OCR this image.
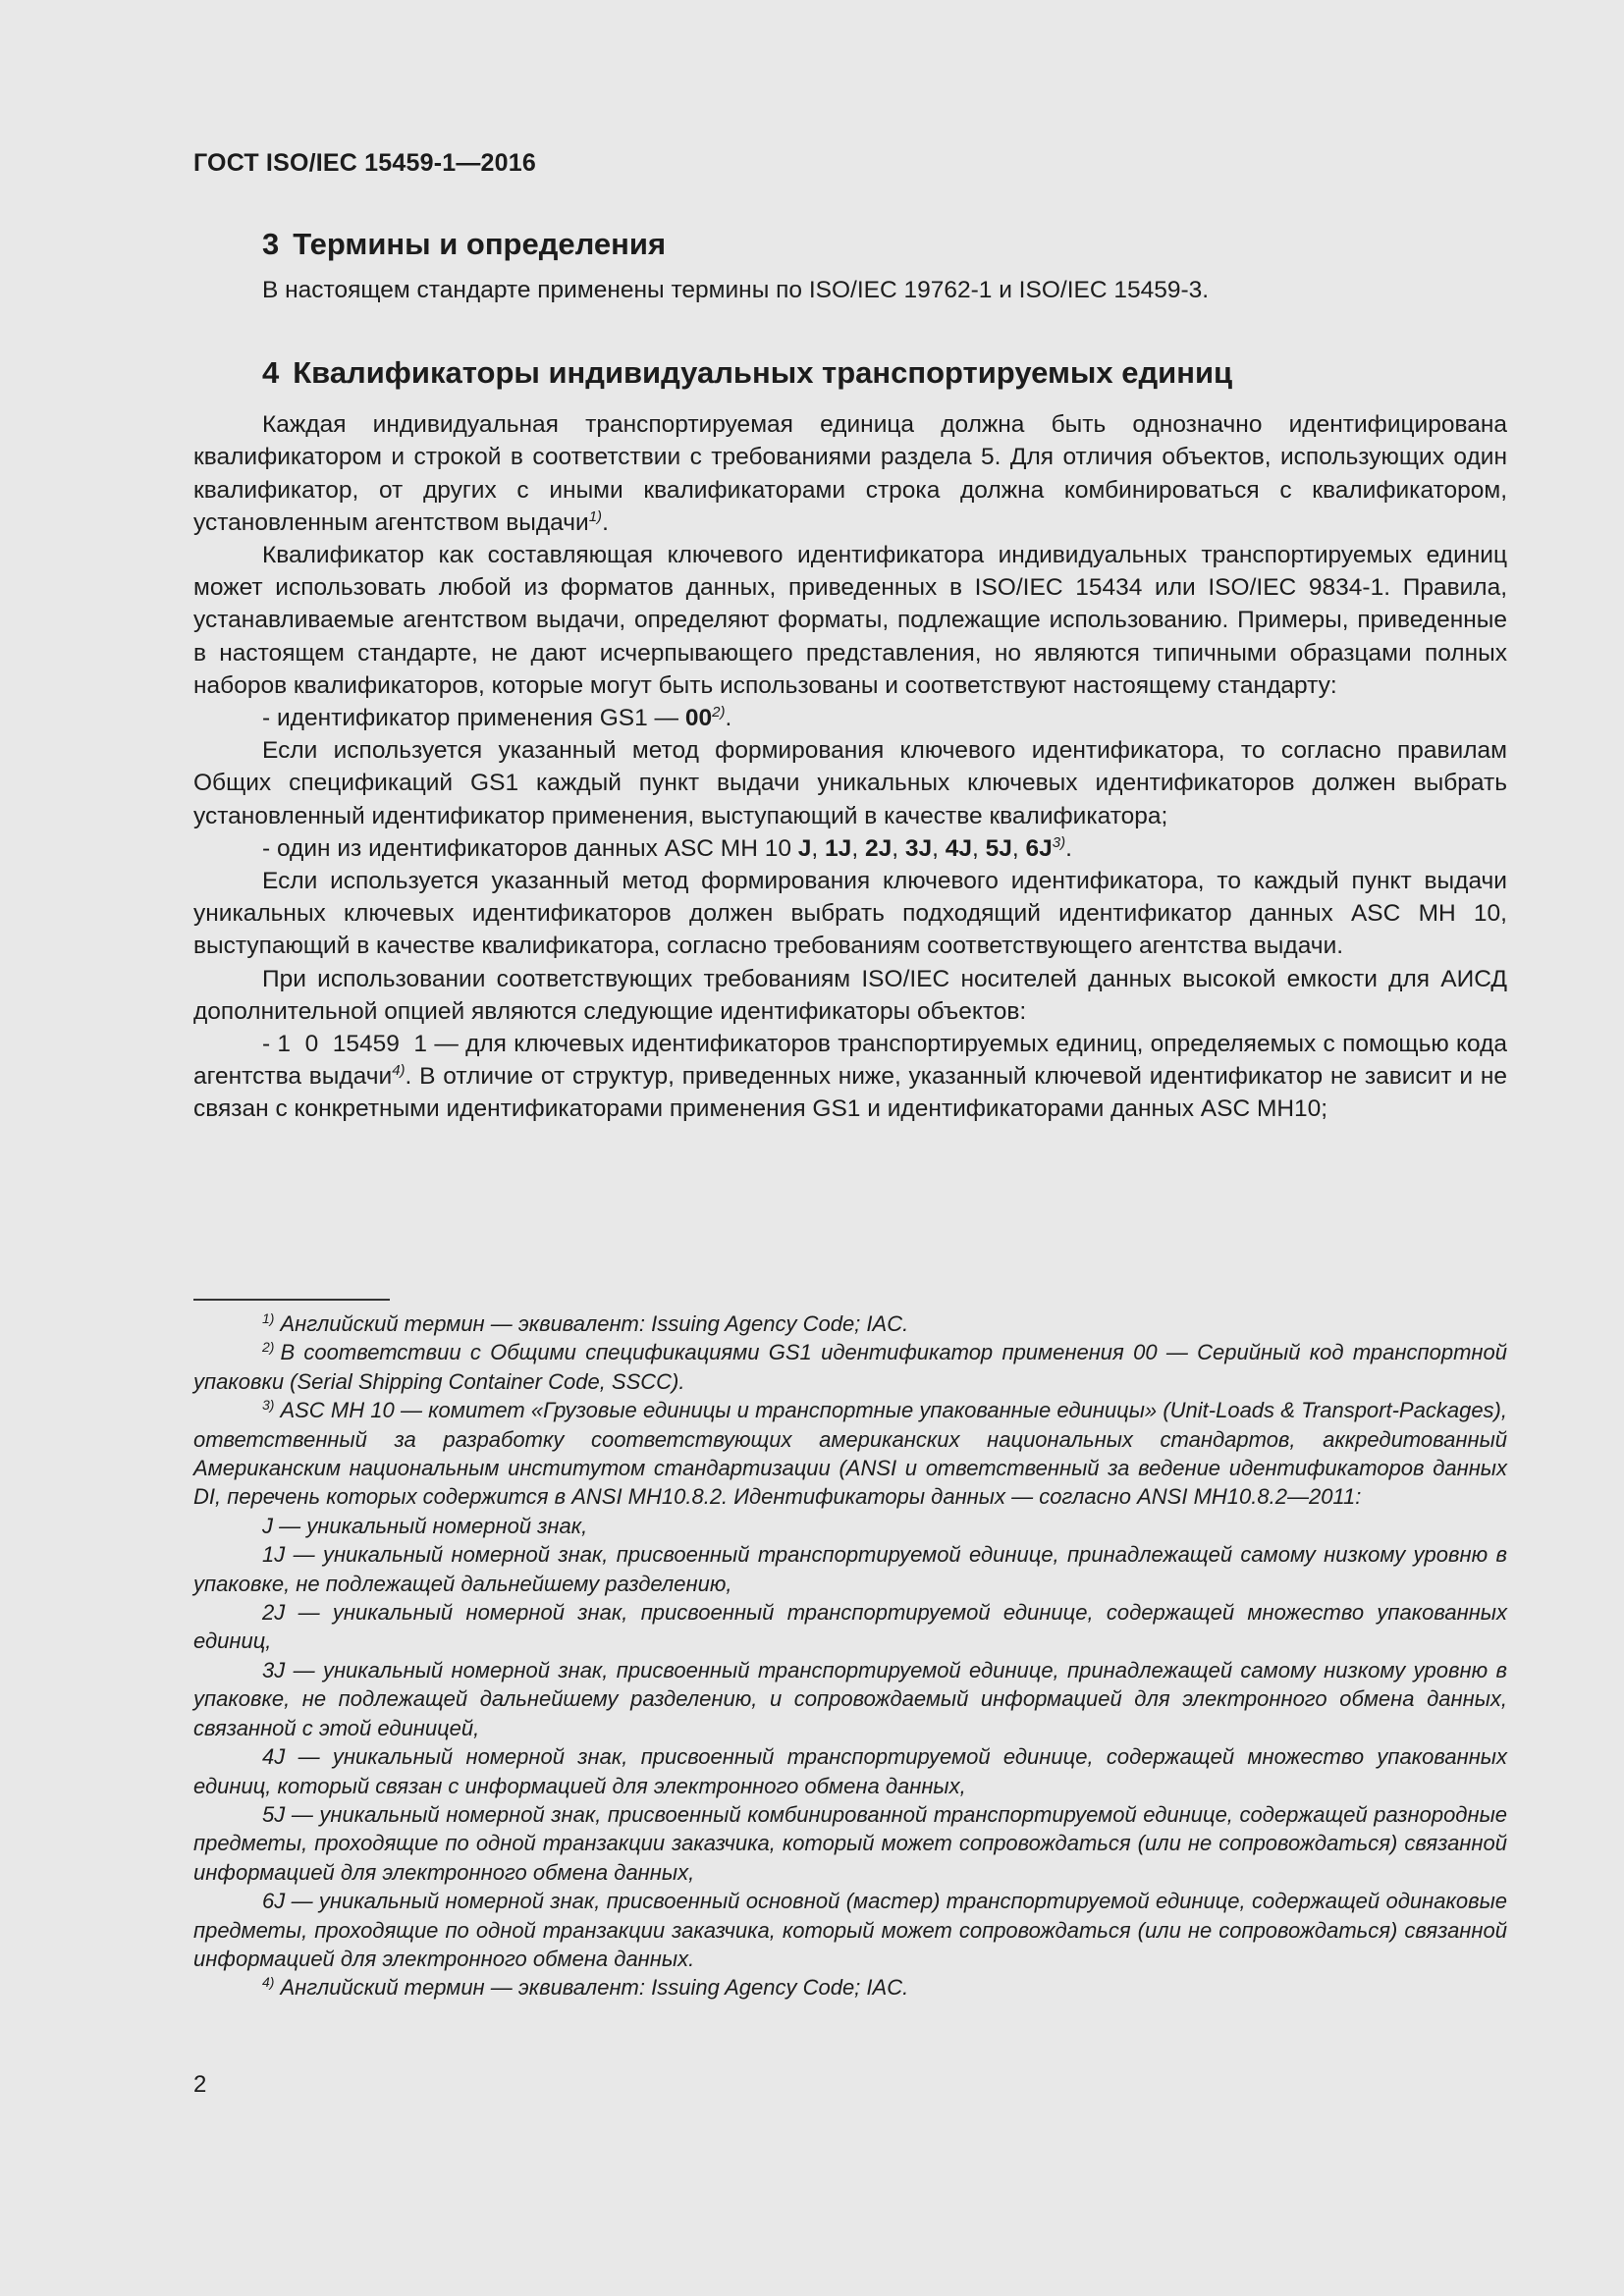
ГОСТ ISO/IEC 15459-1—2016
3 Термины и определения

В настоящем стандарте применены термины по ISO/IEC 19762-1 и ISO/IEC 15459-3.

4 Квалификаторы индивидуальных транспортируемых единиц

Каждая индивидуальная транспортируемая единица должна быть однозначно идентифицирована квалификатором и строкой в соответствии с требованиями раздела 5. Для отличия объектов, использующих один квалификатор, от других с иными квалификаторами строка должна комбинироваться с квалификатором, установленным агентством выдачи$^{1)}$.

Квалификатор как составляющая ключевого идентификатора индивидуальных транспортируемых единиц может использовать любой из форматов данных, приведенных в ISO/IEC 15434 или ISO/IEC 9834-1. Правила, устанавливаемые агентством выдачи, определяют форматы, подлежащие использованию. Примеры, приведенные в настоящем стандарте, не дают исчерпывающего представления, но являются типичными образцами полных наборов квалификаторов, которые могут быть использованы и соответствуют настоящему стандарту:

- идентификатор применения GS1 — 00$^{2)}$.

Если используется указанный метод формирования ключевого идентификатора, то согласно правилам Общих спецификаций GS1 каждый пункт выдачи уникальных ключевых идентификаторов должен выбрать установленный идентификатор применения, выступающий в качестве квалификатора;

- один из идентификаторов данных ASC MH 10 J, 1J, 2J, 3J, 4J, 5J, $6J^{3)}$.

Если используется указанный метод формирования ключевого идентификатора, то каждый пункт выдачи уникальных ключевых идентификаторов должен выбрать подходящий идентификатор данных ASC MH 10, выступающий в качестве квалификатора, согласно требованиям соответствующего агентства выдачи.

При использовании соответствующих требованиям ISO/IEC носителей данных высокой емкости для АИСД дополнительной опцией являются следующие идентификаторы объектов:

- 1  0  15459  1 — для ключевых идентификаторов транспортируемых единиц, определяемых с помощью кода агентства выдачи$^{4)}$. В отличие от структур, приведенных ниже, указанный ключевой идентификатор не зависит и не связан с конкретными идентификаторами применения GS1 и идентификаторами данных ASC MH10;

$^{1)}$ Английский термин — эквивалент: Issuing Agency Code; IAC.

$^{2)}$ В соответствии с Общими спецификациями GS1 идентификатор применения 00 — Серийный код транспортной упаковки (Serial Shipping Container Code, SSCC).

$^{3)}$ ASC MH 10 — комитет «Грузовые единицы и транспортные упакованные единицы» (Unit-Loads & Transport-Packages), ответственный за разработку соответствующих американских национальных стандартов, аккредитованный Американским национальным институтом стандартизации (ANSI и ответственный за ведение идентификаторов данных DI, перечень которых содержится в ANSI MH10.8.2. Идентификаторы данных — согласно ANSI MH10.8.2—2011:

J — уникальный номерной знак,

1J — уникальный номерной знак, присвоенный транспортируемой единице, принадлежащей самому низкому уровню в упаковке, не подлежащей дальнейшему разделению,

2J — уникальный номерной знак, присвоенный транспортируемой единице, содержащей множество упакованных единиц,

3J — уникальный номерной знак, присвоенный транспортируемой единице, принадлежащей самому низкому уровню в упаковке, не подлежащей дальнейшему разделению, и сопровождаемый информацией для электронного обмена данных, связанной с этой единицей,

4J — уникальный номерной знак, присвоенный транспортируемой единице, содержащей множество упакованных единиц, который связан с информацией для электронного обмена данных,

5J — уникальный номерной знак, присвоенный комбинированной транспортируемой единице, содержащей разнородные предметы, проходящие по одной транзакции заказчика, который может сопровождаться (или не сопровождаться) связанной информацией для электронного обмена данных,

6J — уникальный номерной знак, присвоенный основной (мастер) транспортируемой единице, содержащей одинаковые предметы, проходящие по одной транзакции заказчика, который может сопровождаться (или не сопровождаться) связанной информацией для электронного обмена данных.

$^{4)}$ Английский термин — эквивалент: Issuing Agency Code; IAC.

2
